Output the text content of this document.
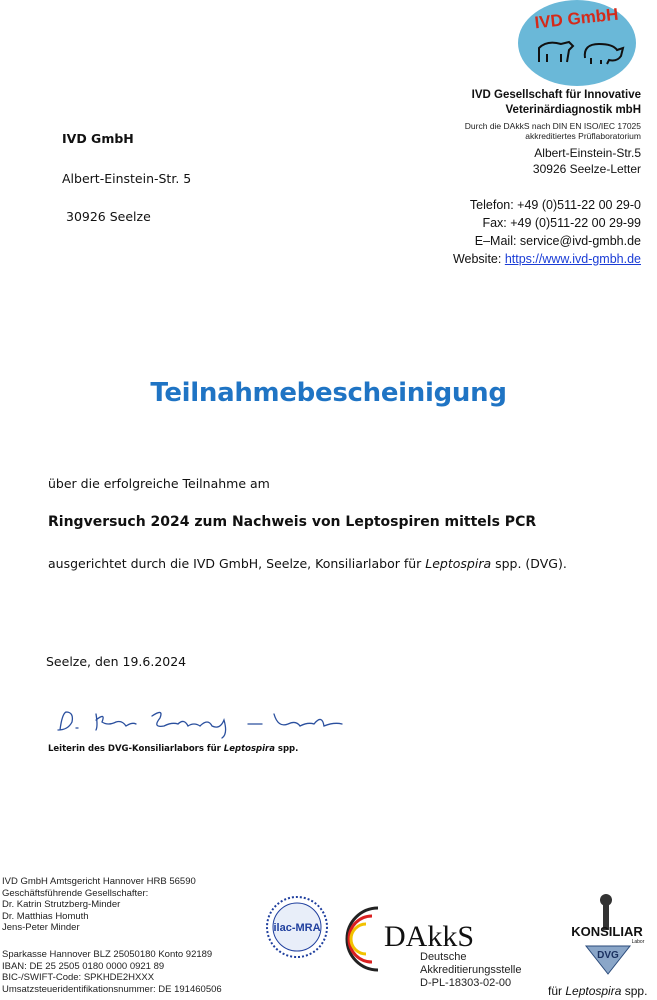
IVD GmbH
IVD Gesellschaft für Innovative
Veterinärdiagnostik mbH
Durch die DAkkS nach DIN EN ISO/IEC 17025
akkreditiertes Prüflaboratorium
Albert-Einstein-Str.5
30926 Seelze-Letter
Telefon: +49 (0)511-22 00 29-0
Fax: +49 (0)511-22 00 29-99
E–Mail: service@ivd-gmbh.de
Website: https://www.ivd-gmbh.de
IVD GmbH
Albert-Einstein-Str. 5
30926 Seelze
Teilnahmebescheinigung
über die erfolgreiche Teilnahme am
Ringversuch 2024 zum Nachweis von Leptospiren mittels PCR
ausgerichtet durch die IVD GmbH, Seelze, Konsiliarlabor für Leptospira spp. (DVG).
Seelze, den 19.6.2024
Leiterin des DVG-Konsiliarlabors für Leptospira spp.
IVD GmbH Amtsgericht Hannover HRB 56590
Geschäftsführende Gesellschafter:
Dr. Katrin Strutzberg-Minder
Dr. Matthias Homuth
Jens-Peter Minder
Sparkasse Hannover BLZ 25050180 Konto 92189
IBAN: DE 25 2505 0180 0000 0921 89
BIC-/SWIFT-Code: SPKHDE2HXXX
Umsatzsteueridentifikationsnummer: DE 191460506
ilac-MRA DAkkS
Deutsche
Akkreditierungsstelle
D-PL-18303-02-00
KONSILIAR
Labor
DVG
für Leptospira spp.
